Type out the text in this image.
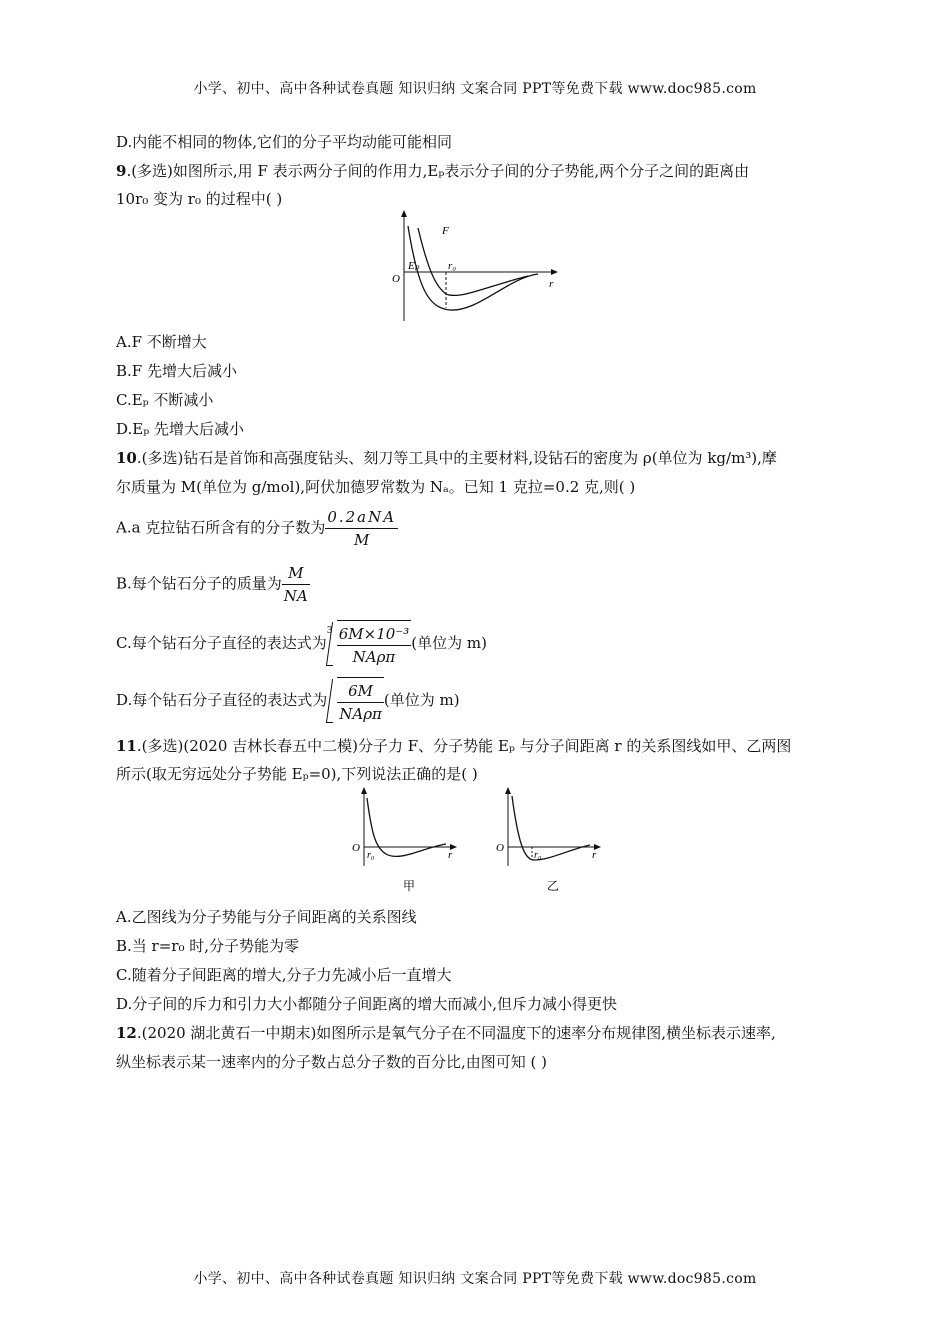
小学、初中、高中各种试卷真题 知识归纳 文案合同 PPT等免费下载 www.doc985.com
D.内能不相同的物体,它们的分子平均动能可能相同
9.(多选)如图所示,用 F 表示两分子间的作用力,Eₚ表示分子间的分子势能,两个分子之间的距离由
10r₀ 变为 r₀ 的过程中( )
F
Eₚ	r₀
O	r
A.F 不断增大
B.F 先增大后减小
C.Eₚ 不断减小
D.Eₚ 先增大后减小
10.(多选)钻石是首饰和高强度钻头、刻刀等工具中的主要材料,设钻石的密度为 ρ(单位为 kg/m³),摩
尔质量为 M(单位为 g/mol),阿伏加德罗常数为 Nₐ。已知 1 克拉=0.2 克,则( )
A.a 克拉钻石所含有的分子数为 $\frac{\text{0.2aNA}}{M}$
B.每个钻石分子的质量为 $\frac{M}{NA}$
C.每个钻石分子直径的表达式为
$3 \frac{\text{6M×10⁻³}}{\text{NAρπ}}$ (单位为 m)
D.每个钻石分子直径的表达式为 $\frac{6M}{\text{NAρπ}}$ (单位为 m)
11.(多选)(2020 吉林长春五中二模)分子力 F、分子势能 Eₚ 与分子间距离 r 的关系图线如甲、乙两图
所示(取无穷远处分子势能 Eₚ=0),下列说法正确的是( )
O
r₀	r
甲
O
r₀	r
乙
A.乙图线为分子势能与分子间距离的关系图线
B.当 r=r₀ 时,分子势能为零
C.随着分子间距离的增大,分子力先减小后一直增大
D.分子间的斥力和引力大小都随分子间距离的增大而减小,但斥力减小得更快
12.(2020 湖北黄石一中期末)如图所示是氧气分子在不同温度下的速率分布规律图,横坐标表示速率,
纵坐标表示某一速率内的分子数占总分子数的百分比,由图可知 ( )
小学、初中、高中各种试卷真题 知识归纳 文案合同 PPT等免费下载 www.doc985.com
